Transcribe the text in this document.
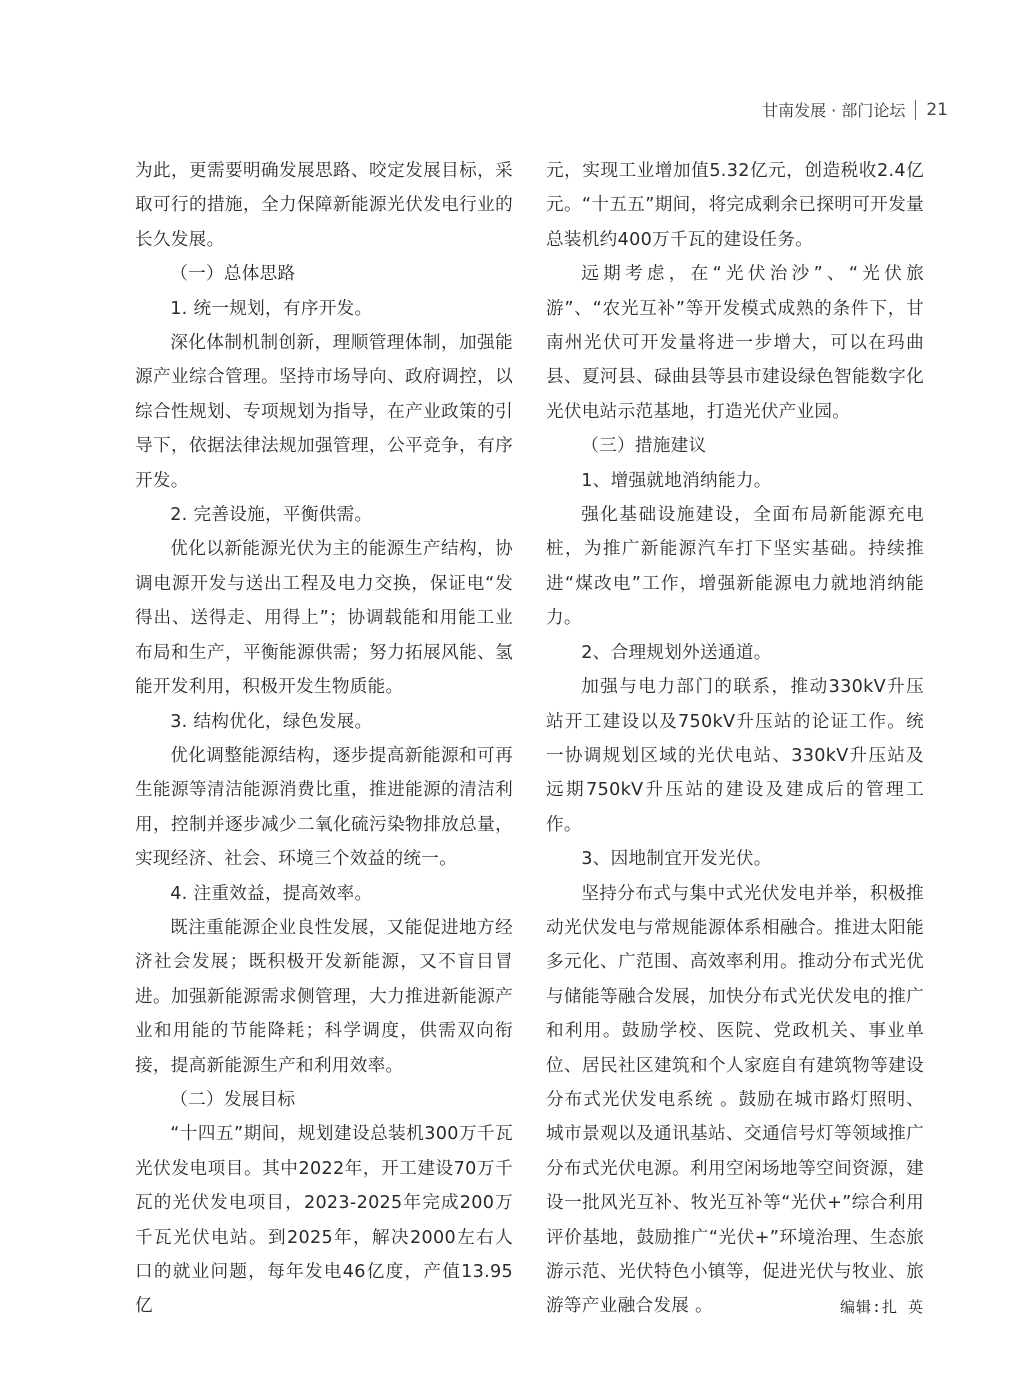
甘南发展 · 部门论坛 21

为此，更需要明确发展思路、咬定发展目标，采取可行的措施，全力保障新能源光伏发电行业的长久发展。

（一）总体思路

1. 统一规划，有序开发。

深化体制机制创新，理顺管理体制，加强能源产业综合管理。坚持市场导向、政府调控，以综合性规划、专项规划为指导，在产业政策的引导下，依据法律法规加强管理，公平竞争，有序开发。

2. 完善设施，平衡供需。

优化以新能源光伏为主的能源生产结构，协调电源开发与送出工程及电力交换，保证电“发得出、送得走、用得上”；协调载能和用能工业布局和生产，平衡能源供需；努力拓展风能、氢能开发利用，积极开发生物质能。

3. 结构优化，绿色发展。

优化调整能源结构，逐步提高新能源和可再生能源等清洁能源消费比重，推进能源的清洁利用，控制并逐步减少二氧化硫污染物排放总量，实现经济、社会、环境三个效益的统一。

4. 注重效益，提高效率。

既注重能源企业良性发展，又能促进地方经济社会发展；既积极开发新能源，又不盲目冒进。加强新能源需求侧管理，大力推进新能源产业和用能的节能降耗；科学调度，供需双向衔接，提高新能源生产和利用效率。

（二）发展目标

“十四五”期间，规划建设总装机300万千瓦光伏发电项目。其中2022年，开工建设70万千瓦的光伏发电项目，2023-2025年完成200万千瓦光伏电站。到2025年，解决2000左右人口的就业问题，每年发电46亿度，产值13.95亿

元，实现工业增加值5.32亿元，创造税收2.4亿元。“十五五”期间，将完成剩余已探明可开发量总装机约400万千瓦的建设任务。

远期考虑，在“光伏治沙”、“光伏旅游”、“农光互补”等开发模式成熟的条件下，甘南州光伏可开发量将进一步增大，可以在玛曲县、夏河县、碌曲县等县市建设绿色智能数字化光伏电站示范基地，打造光伏产业园。

（三）措施建议

1、增强就地消纳能力。

强化基础设施建设，全面布局新能源充电桩，为推广新能源汽车打下坚实基础。持续推进“煤改电”工作，增强新能源电力就地消纳能力。

2、合理规划外送通道。

加强与电力部门的联系，推动330kV升压站开工建设以及750kV升压站的论证工作。统一协调规划区域的光伏电站、330kV升压站及远期750kV升压站的建设及建成后的管理工作。

3、因地制宜开发光伏。

坚持分布式与集中式光伏发电并举，积极推动光伏发电与常规能源体系相融合。推进太阳能多元化、广范围、高效率利用。推动分布式光优与储能等融合发展，加快分布式光伏发电的推广和利用。鼓励学校、医院、党政机关、事业单位、居民社区建筑和个人家庭自有建筑物等建设分布式光伏发电系统 。鼓励在城市路灯照明、城市景观以及通讯基站、交通信号灯等领域推广分布式光伏电源。利用空闲场地等空间资源，建设一批风光互补、牧光互补等“光伏+”综合利用评价基地，鼓励推广“光伏+”环境治理、生态旅游示范、光伏特色小镇等，促进光伏与牧业、旅游等产业融合发展 。	编辑:扎 英
